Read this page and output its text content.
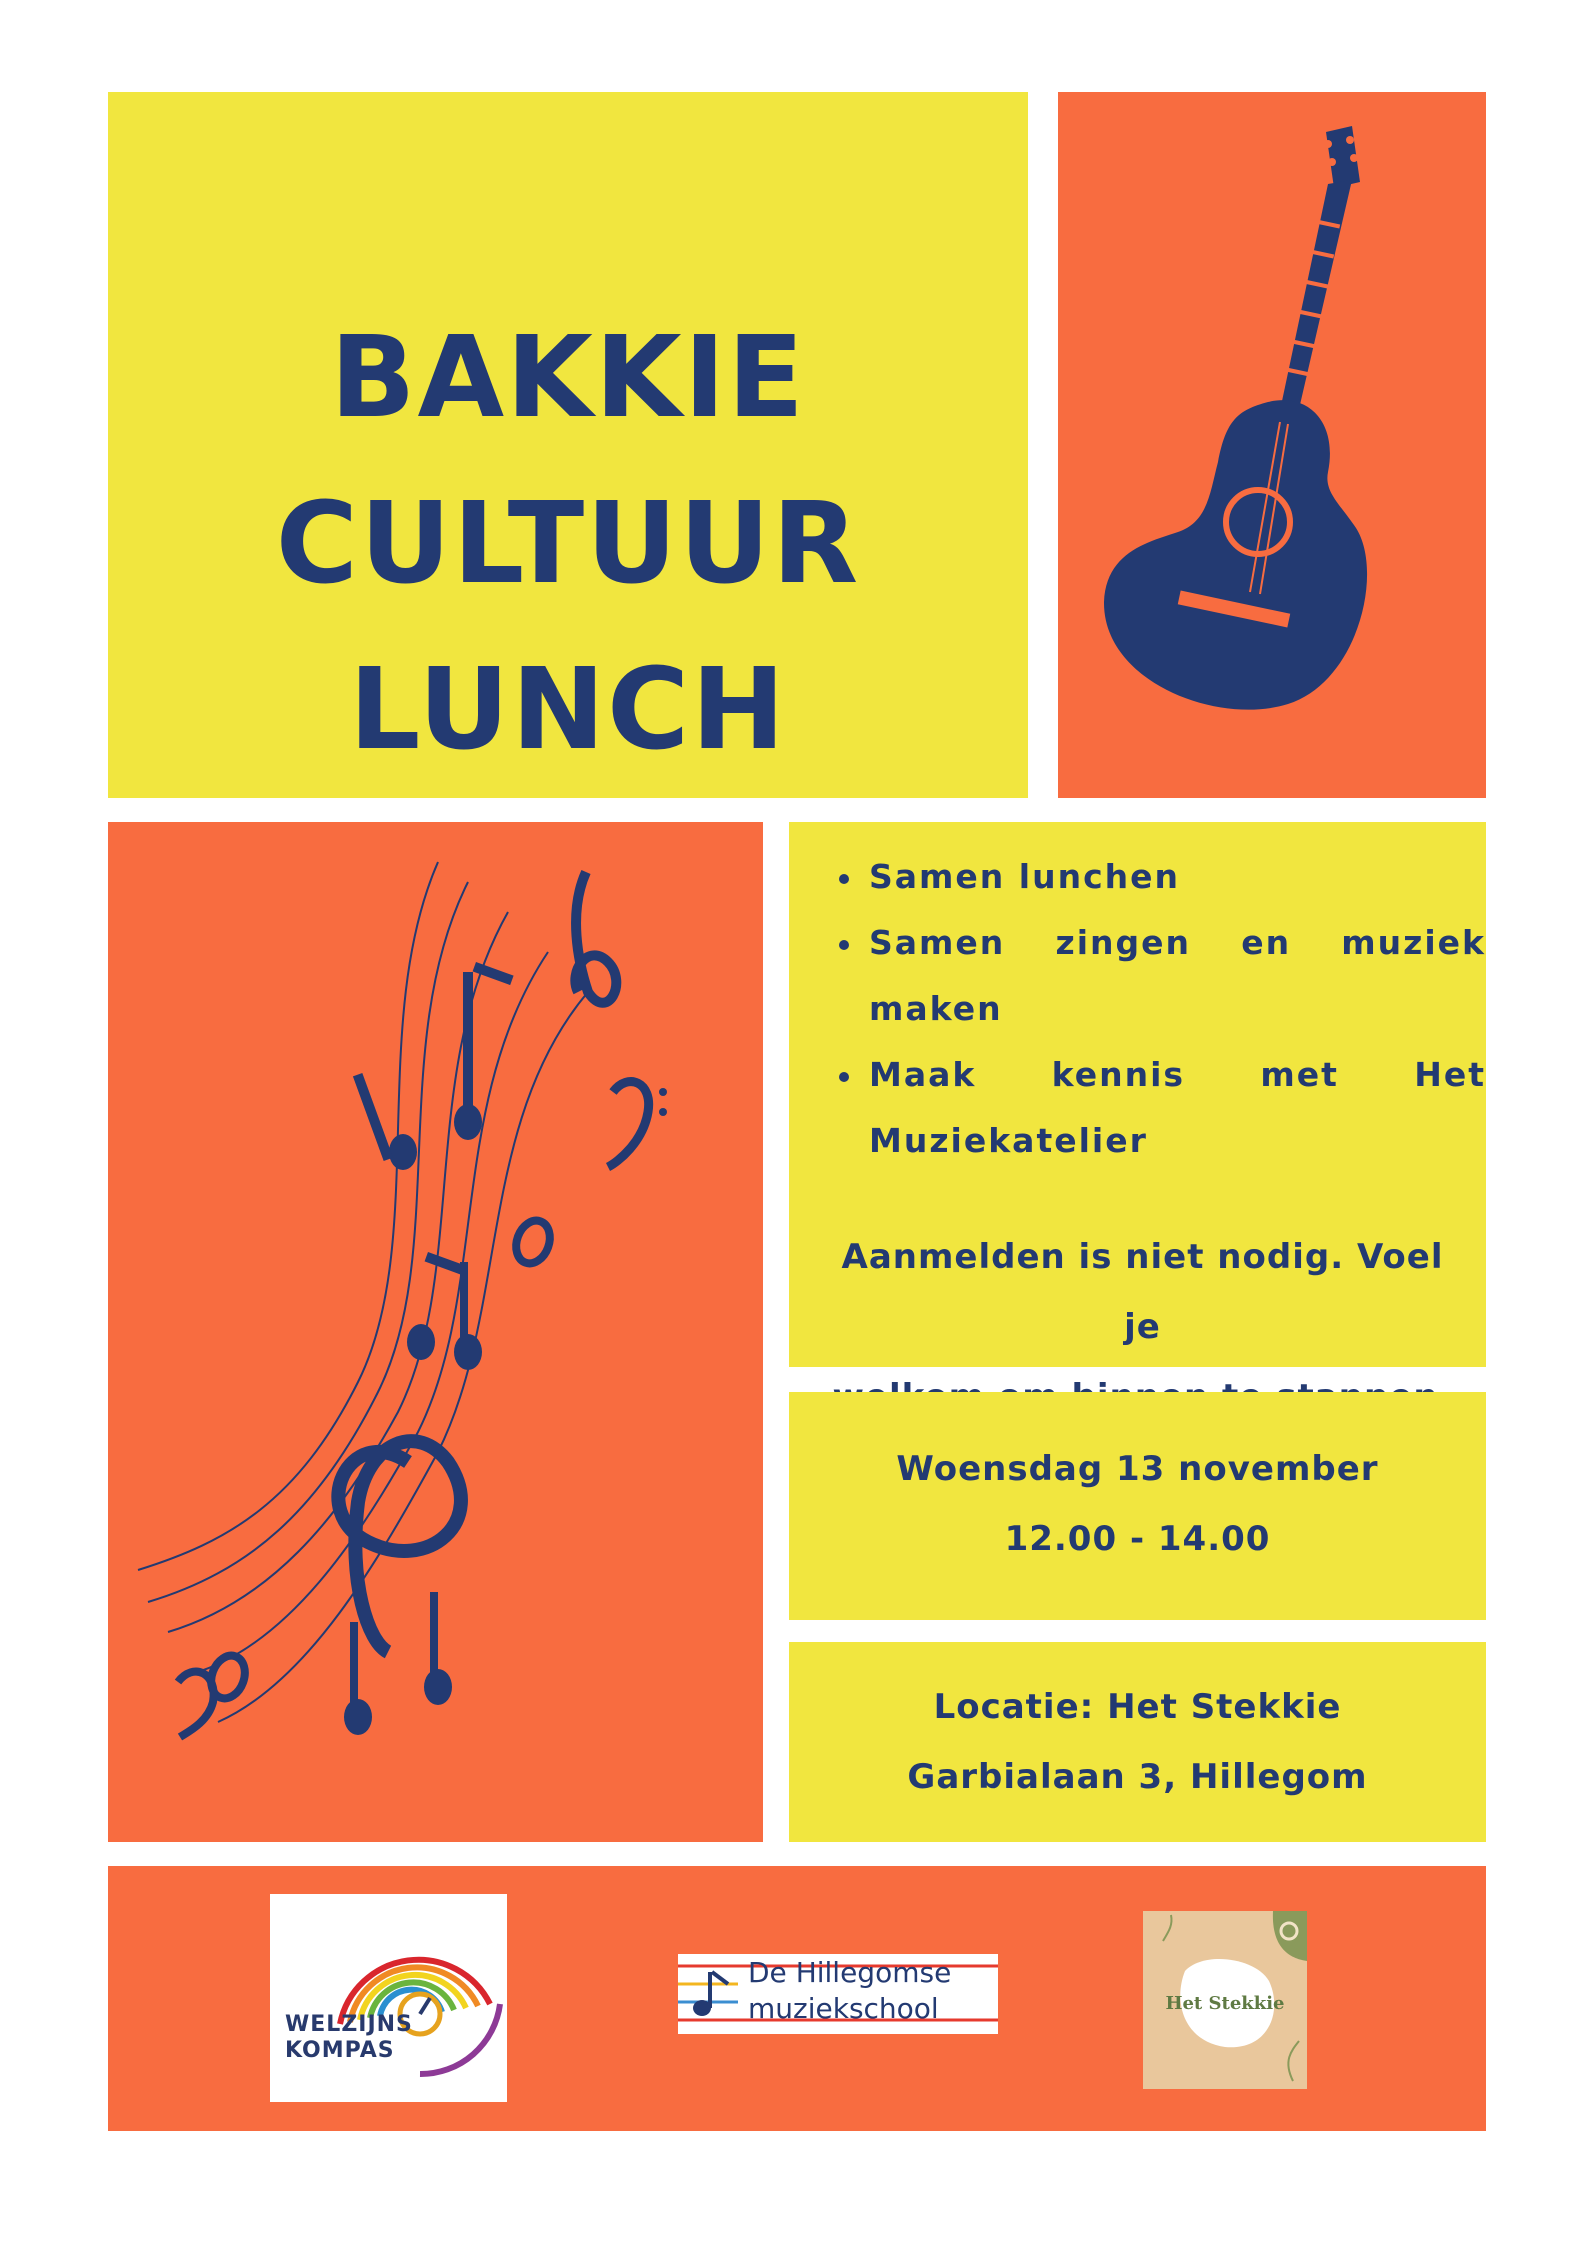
BAKKIE
CULTUUR
LUNCH
Samen lunchen
Samen zingen en muziek maken
Maak kennis met Het Muziekatelier
Aanmelden is niet nodig. Voel je
Woensdag 13 november
12.00 - 14.00
Locatie: Het Stekkie
Garbialaan 3, Hillegom
WELZIJNS
KOMPAS
De Hillegomse
muziekschool	Het Stekkie
